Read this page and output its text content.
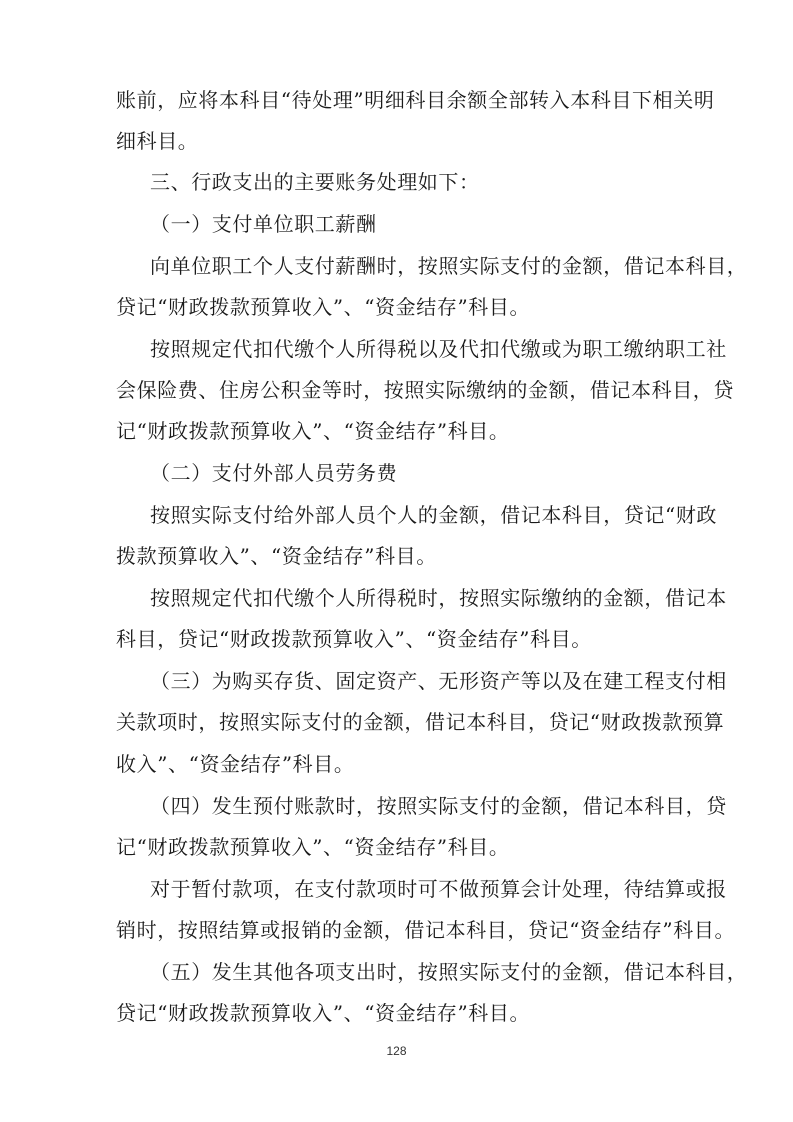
账前，应将本科目“待处理”明细科目余额全部转入本科目下相关明
细科目。
三、行政支出的主要账务处理如下：
（一）支付单位职工薪酬
向单位职工个人支付薪酬时，按照实际支付的金额，借记本科目，
贷记“财政拨款预算收入”、“资金结存”科目。
按照规定代扣代缴个人所得税以及代扣代缴或为职工缴纳职工社
会保险费、住房公积金等时，按照实际缴纳的金额，借记本科目，贷
记“财政拨款预算收入”、“资金结存”科目。
（二）支付外部人员劳务费
按照实际支付给外部人员个人的金额，借记本科目，贷记“财政
拨款预算收入”、“资金结存”科目。
按照规定代扣代缴个人所得税时，按照实际缴纳的金额，借记本
科目，贷记“财政拨款预算收入”、“资金结存”科目。
（三）为购买存货、固定资产、无形资产等以及在建工程支付相
关款项时，按照实际支付的金额，借记本科目，贷记“财政拨款预算
收入”、“资金结存”科目。
（四）发生预付账款时，按照实际支付的金额，借记本科目，贷
记“财政拨款预算收入”、“资金结存”科目。
对于暂付款项，在支付款项时可不做预算会计处理，待结算或报
销时，按照结算或报销的金额，借记本科目，贷记“资金结存”科目。
（五）发生其他各项支出时，按照实际支付的金额，借记本科目，
贷记“财政拨款预算收入”、“资金结存”科目。
128
